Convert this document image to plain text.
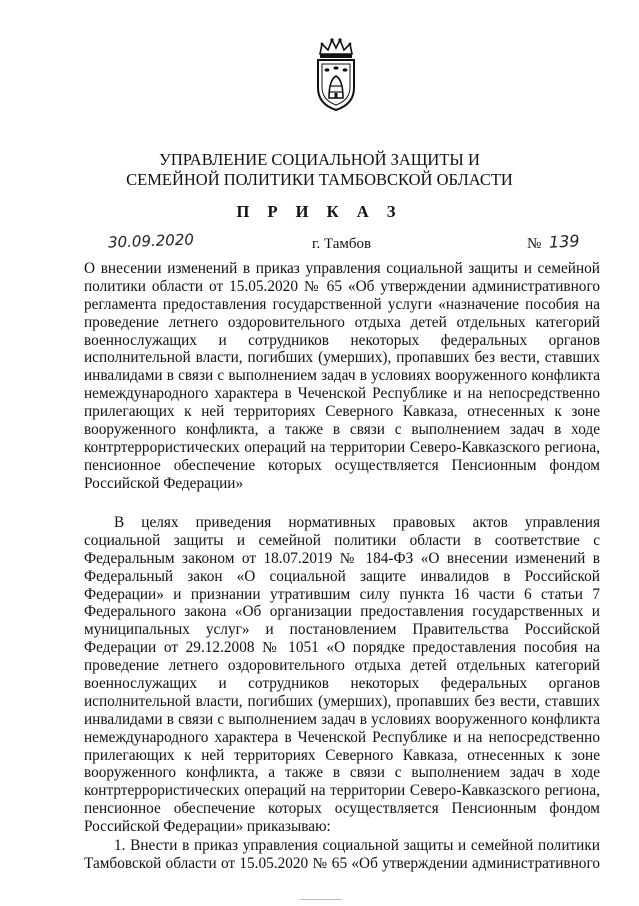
УПРАВЛЕНИЕ СОЦИАЛЬНОЙ ЗАЩИТЫ И
СЕМЕЙНОЙ ПОЛИТИКИ ТАМБОВСКОЙ ОБЛАСТИ
П Р И К А З
30.09.2020	г. Тамбов	№ 139
О внесении изменений в приказ управления социальной защиты и семейной
политики области от 15.05.2020 № 65 «Об утверждении административного
регламента предоставления государственной услуги «назначение пособия на
проведение летнего оздоровительного отдыха детей отдельных категорий
военнослужащих и сотрудников некоторых федеральных органов
исполнительной власти, погибших (умерших), пропавших без вести, ставших
инвалидами в связи с выполнением задач в условиях вооруженного конфликта
немеждународного характера в Чеченской Республике и на непосредственно
прилегающих к ней территориях Северного Кавказа, отнесенных к зоне
вооруженного конфликта, а также в связи с выполнением задач в ходе
контртеррористических операций на территории Северо-Кавказского региона,
пенсионное обеспечение которых осуществляется Пенсионным фондом
Российской Федерации»
В целях приведения нормативных правовых актов управления
социальной защиты и семейной политики области в соответствие с
Федеральным законом от 18.07.2019 № 184-ФЗ «О внесении изменений в
Федеральный закон «О социальной защите инвалидов в Российской
Федерации» и признании утратившим силу пункта 16 части 6 статьи 7
Федерального закона «Об организации предоставления государственных и
муниципальных услуг» и постановлением Правительства Российской
Федерации от 29.12.2008 № 1051 «О порядке предоставления пособия на
проведение летнего оздоровительного отдыха детей отдельных категорий
военнослужащих и сотрудников некоторых федеральных органов
исполнительной власти, погибших (умерших), пропавших без вести, ставших
инвалидами в связи с выполнением задач в условиях вооруженного конфликта
немеждународного характера в Чеченской Республике и на непосредственно
прилегающих к ней территориях Северного Кавказа, отнесенных к зоне
вооруженного конфликта, а также в связи с выполнением задач в ходе
контртеррористических операций на территории Северо-Кавказского региона,
пенсионное обеспечение которых осуществляется Пенсионным фондом
Российской Федерации» приказываю:
1. Внести в приказ управления социальной защиты и семейной политики
Тамбовской области от 15.05.2020 № 65 «Об утверждении административного
